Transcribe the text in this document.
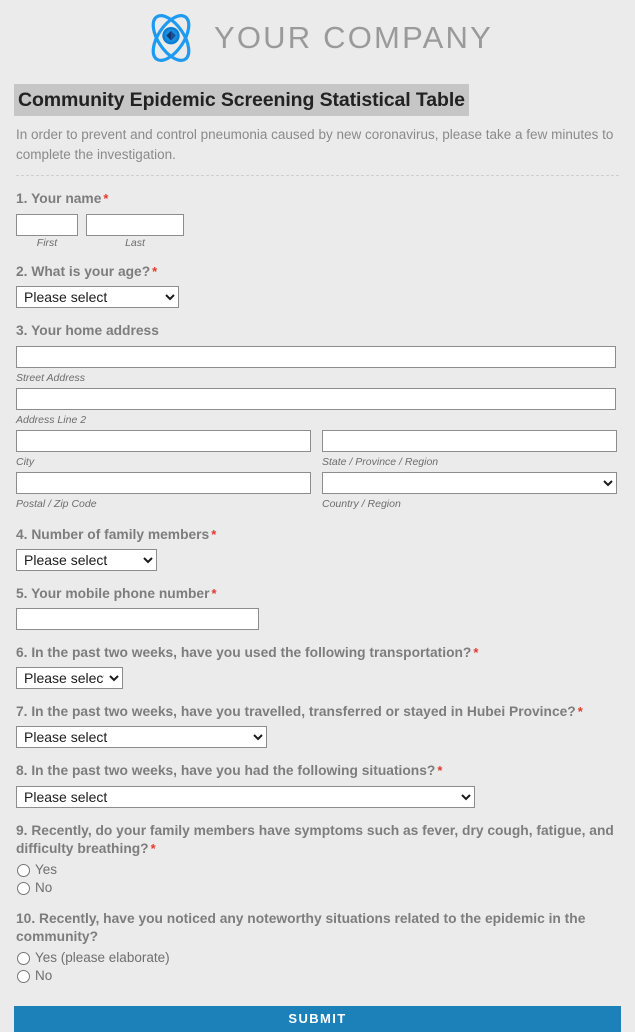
YOUR COMPANY
Community Epidemic Screening Statistical Table

In order to prevent and control pneumonia caused by new coronavirus, please take a few minutes to complete the investigation.

1. Your name *
First	Last
2. What is your age? *
Please select
3. Your home address
Street Address
Address Line 2
City	State / Province / Region
Postal / Zip Code	Country / Region
4. Number of family members *
Please select
5. Your mobile phone number *
6. In the past two weeks, have you used the following transportation? *
Please select
7. In the past two weeks, have you travelled, transferred or stayed in Hubei Province? *
Please select
8. In the past two weeks, have you had the following situations? *
Please select
9. Recently, do your family members have symptoms such as fever, dry cough, fatigue, and difficulty breathing? *
Yes
No
10. Recently, have you noticed any noteworthy situations related to the epidemic in the community?
Yes (please elaborate)
No
SUBMIT
